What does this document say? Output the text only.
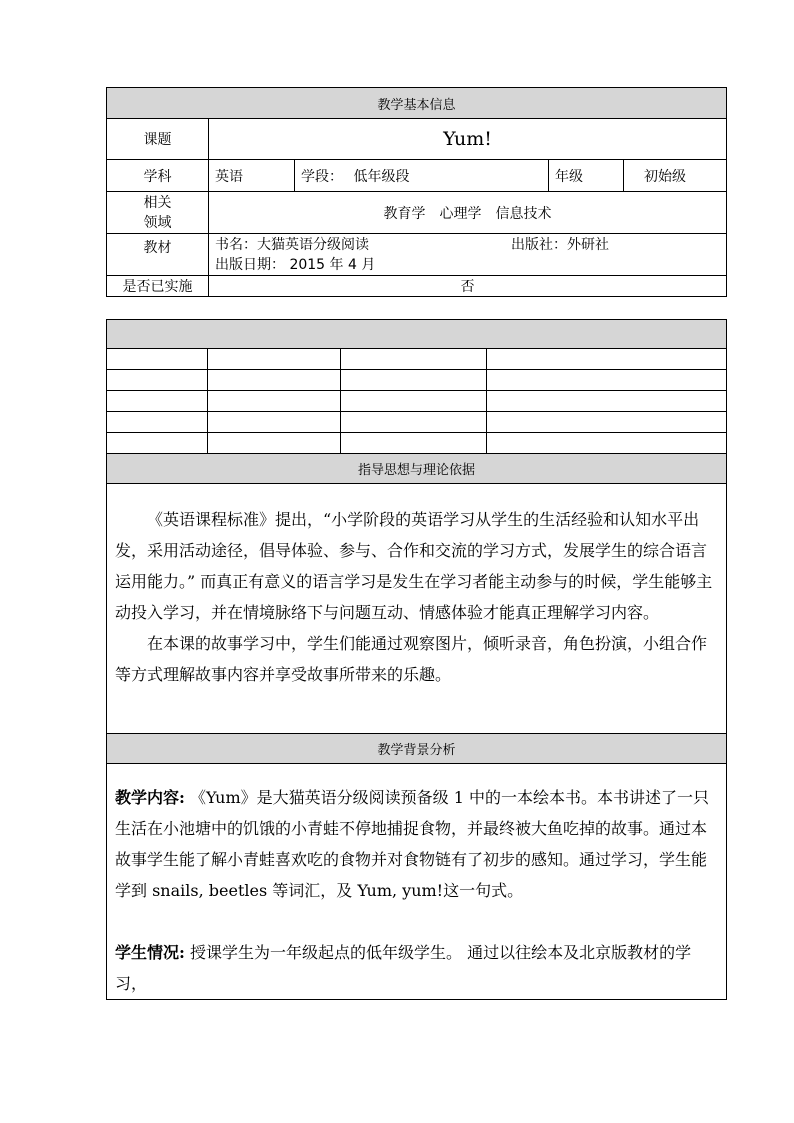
教学基本信息				
课题	Yum!			
学科	英语	学段： 低年级段	年级	初始级

相关
领域	教育学　心理学　信息技术			
教材	书名：大猫英语分级阅读 出版社：外研社
出版日期： 2015 年 4 月			

是否已实施	否			

指导思想与理论依据			

《英语课程标准》提出，“小学阶段的英语学习从学生的生活经验和认知水平出发，采用活动途径，倡导体验、参与、合作和交流的学习方式，发展学生的综合语言运用能力。” 而真正有意义的语言学习是发生在学习者能主动参与的时候，学生能够主动投入学习，并在情境脉络下与问题互动、情感体验才能真正理解学习内容。

在本课的故事学习中，学生们能通过观察图片，倾听录音，角色扮演，小组合作等方式理解故事内容并享受故事所带来的乐趣。			

教学背景分析			

教学内容: 《Yum》是大猫英语分级阅读预备级 1 中的一本绘本书。本书讲述了一只生活在小池塘中的饥饿的小青蛙不停地捕捉食物，并最终被大鱼吃掉的故事。通过本故事学生能了解小青蛙喜欢吃的食物并对食物链有了初步的感知。通过学习，学生能学到 snails, beetles 等词汇，及 Yum, yum!这一句式。

学生情况: 授课学生为一年级起点的低年级学生。 通过以往绘本及北京版教材的学习，			
